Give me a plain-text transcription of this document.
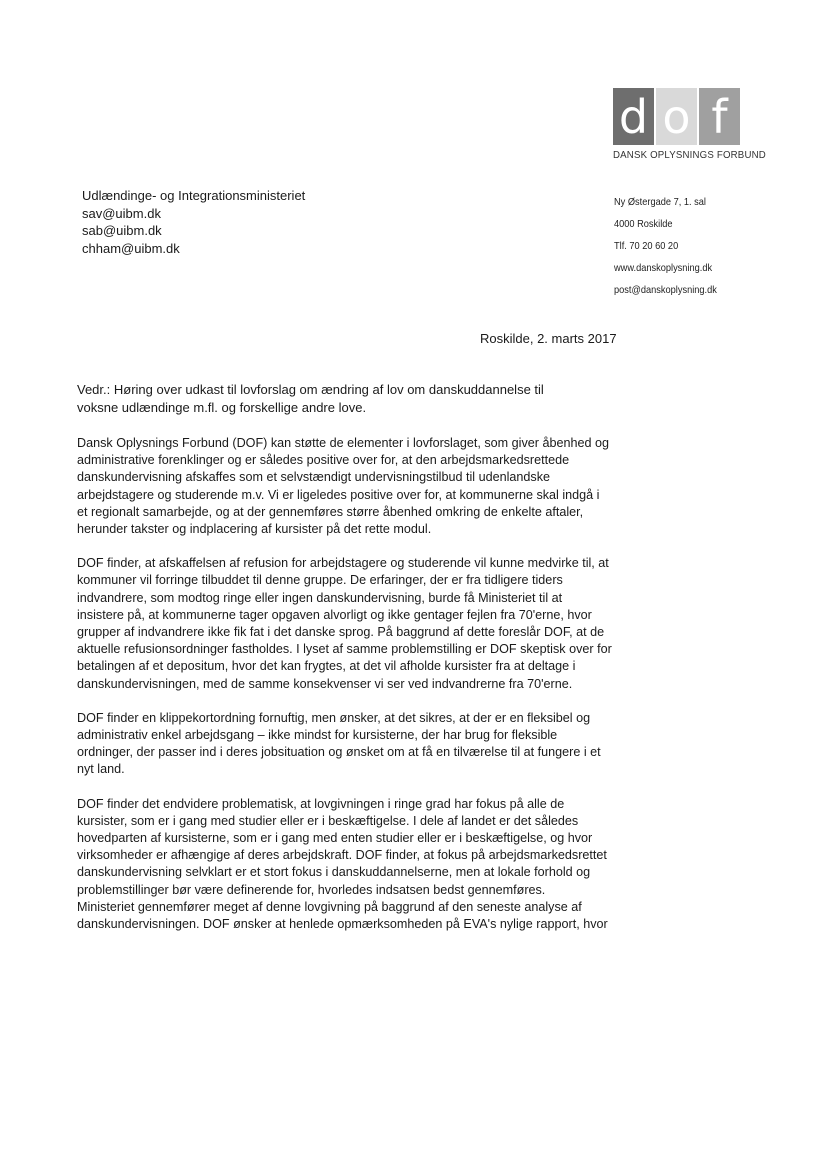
d o f
DANSK OPLYSNINGS FORBUND
Udlændinge- og Integrationsministeriet
sav@uibm.dk
sab@uibm.dk
chham@uibm.dk
Ny Østergade 7, 1. sal
4000 Roskilde
Tlf. 70 20 60 20
www.danskoplysning.dk
post@danskoplysning.dk
Roskilde, 2. marts 2017
Vedr.: Høring over udkast til lovforslag om ændring af lov om danskuddannelse til
voksne udlændinge m.fl. og forskellige andre love.

Dansk Oplysnings Forbund (DOF) kan støtte de elementer i lovforslaget, som giver åbenhed og
administrative forenklinger og er således positive over for, at den arbejdsmarkedsrettede
danskundervisning afskaffes som et selvstændigt undervisningstilbud til udenlandske
arbejdstagere og studerende m.v. Vi er ligeledes positive over for, at kommunerne skal indgå i
et regionalt samarbejde, og at der gennemføres større åbenhed omkring de enkelte aftaler,
herunder takster og indplacering af kursister på det rette modul.

DOF finder, at afskaffelsen af refusion for arbejdstagere og studerende vil kunne medvirke til, at
kommuner vil forringe tilbuddet til denne gruppe. De erfaringer, der er fra tidligere tiders
indvandrere, som modtog ringe eller ingen danskundervisning, burde få Ministeriet til at
insistere på, at kommunerne tager opgaven alvorligt og ikke gentager fejlen fra 70'erne, hvor
grupper af indvandrere ikke fik fat i det danske sprog. På baggrund af dette foreslår DOF, at de
aktuelle refusionsordninger fastholdes. I lyset af samme problemstilling er DOF skeptisk over for
betalingen af et depositum, hvor det kan frygtes, at det vil afholde kursister fra at deltage i
danskundervisningen, med de samme konsekvenser vi ser ved indvandrerne fra 70'erne.

DOF finder en klippekortordning fornuftig, men ønsker, at det sikres, at der er en fleksibel og
administrativ enkel arbejdsgang – ikke mindst for kursisterne, der har brug for fleksible
ordninger, der passer ind i deres jobsituation og ønsket om at få en tilværelse til at fungere i et
nyt land.

DOF finder det endvidere problematisk, at lovgivningen i ringe grad har fokus på alle de
kursister, som er i gang med studier eller er i beskæftigelse. I dele af landet er det således
hovedparten af kursisterne, som er i gang med enten studier eller er i beskæftigelse, og hvor
virksomheder er afhængige af deres arbejdskraft. DOF finder, at fokus på arbejdsmarkedsrettet
danskundervisning selvklart er et stort fokus i danskuddannelserne, men at lokale forhold og
problemstillinger bør være definerende for, hvorledes indsatsen bedst gennemføres.
Ministeriet gennemfører meget af denne lovgivning på baggrund af den seneste analyse af
danskundervisningen. DOF ønsker at henlede opmærksomheden på EVA's nylige rapport, hvor
